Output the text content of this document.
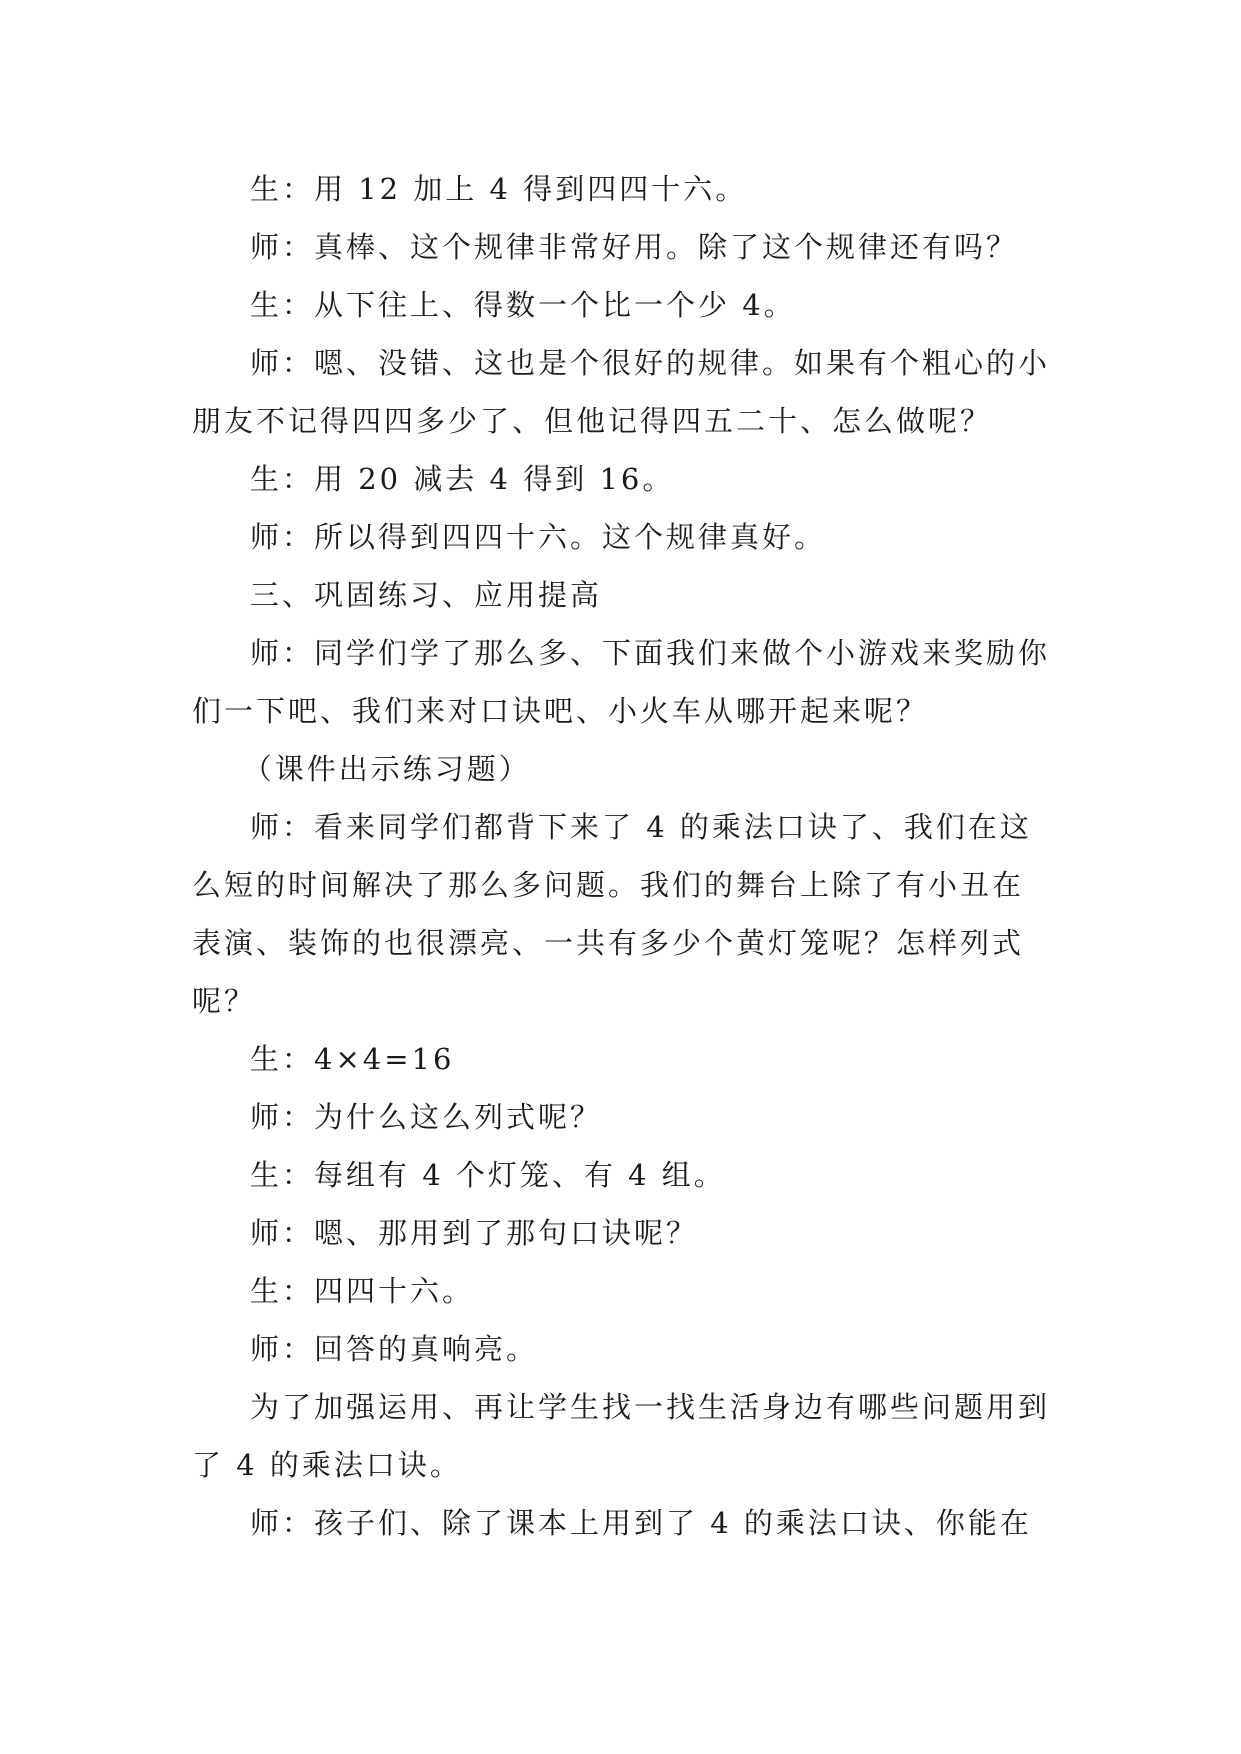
生：用 12 加上 4 得到四四十六。

师：真棒、这个规律非常好用。除了这个规律还有吗？

生：从下往上、得数一个比一个少 4。

师：嗯、没错、这也是个很好的规律。如果有个粗心的小朋友不记得四四多少了、但他记得四五二十、怎么做呢？

生：用 20 减去 4 得到 16。

师：所以得到四四十六。这个规律真好。

三、巩固练习、应用提高

师：同学们学了那么多、下面我们来做个小游戏来奖励你们一下吧、我们来对口诀吧、小火车从哪开起来呢？

（课件出示练习题）

师：看来同学们都背下来了 4 的乘法口诀了、我们在这么短的时间解决了那么多问题。我们的舞台上除了有小丑在表演、装饰的也很漂亮、一共有多少个黄灯笼呢？怎样列式呢？

生：4×4=16

师：为什么这么列式呢？

生：每组有 4 个灯笼、有 4 组。

师：嗯、那用到了那句口诀呢？

生：四四十六。

师：回答的真响亮。

为了加强运用、再让学生找一找生活身边有哪些问题用到了 4 的乘法口诀。

师：孩子们、除了课本上用到了 4 的乘法口诀、你能在
